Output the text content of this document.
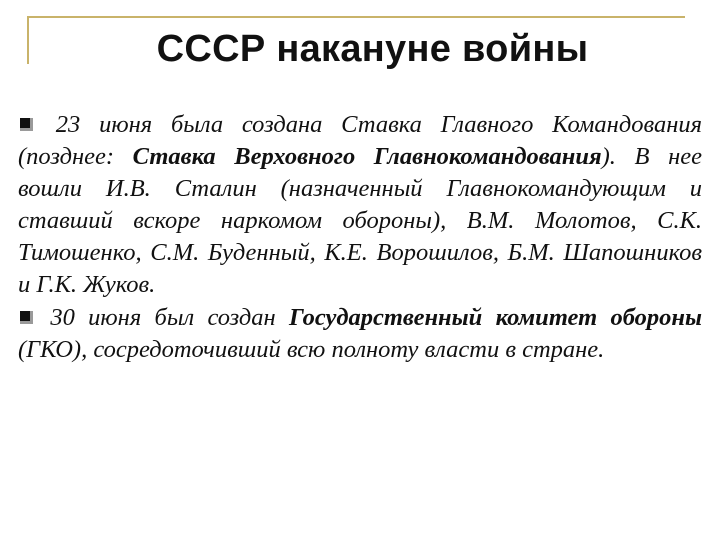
СССР накануне войны

23 июня была создана Ставка Главного Командования (позднее: Ставка Верховного Главнокомандования). В нее вошли И.В. Сталин (назначенный Главнокомандующим и ставший вскоре наркомом обороны), В.М. Молотов, С.К. Тимошенко, С.М. Буденный, К.Е. Ворошилов, Б.М. Шапошников и Г.К. Жуков.

30 июня был создан Государственный комитет обороны (ГКО), сосредоточивший всю полноту власти в стране.
